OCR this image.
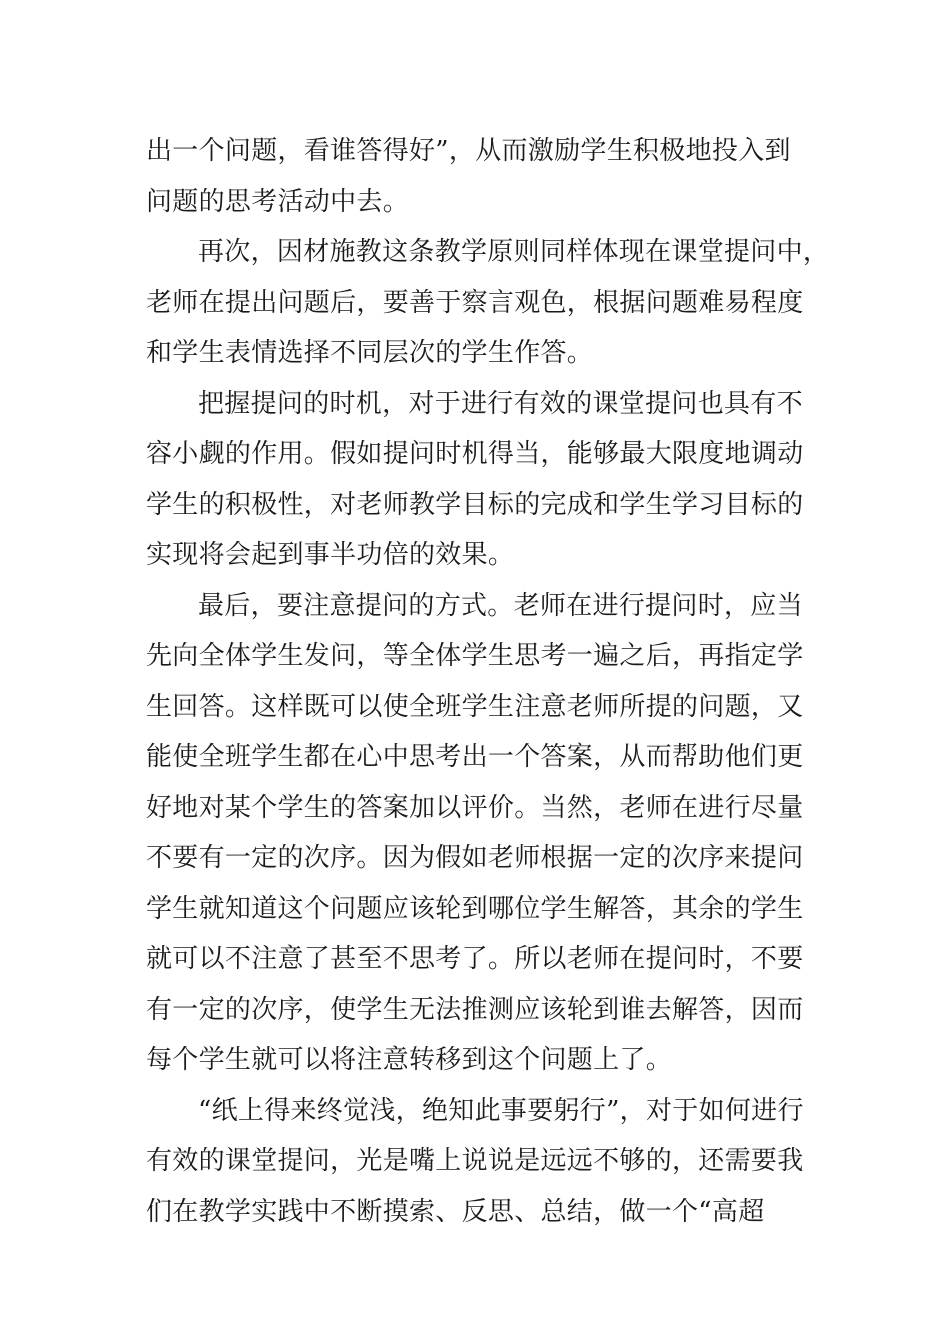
出一个问题，看谁答得好”，从而激励学生积极地投入到
问题的思考活动中去。
再次，因材施教这条教学原则同样体现在课堂提问中，
老师在提出问题后，要善于察言观色，根据问题难易程度
和学生表情选择不同层次的学生作答。
把握提问的时机，对于进行有效的课堂提问也具有不
容小觑的作用。假如提问时机得当，能够最大限度地调动
学生的积极性，对老师教学目标的完成和学生学习目标的
实现将会起到事半功倍的效果。
最后，要注意提问的方式。老师在进行提问时，应当
先向全体学生发问，等全体学生思考一遍之后，再指定学
生回答。这样既可以使全班学生注意老师所提的问题，又
能使全班学生都在心中思考出一个答案，从而帮助他们更
好地对某个学生的答案加以评价。当然，老师在进行尽量
不要有一定的次序。因为假如老师根据一定的次序来提问
学生就知道这个问题应该轮到哪位学生解答，其余的学生
就可以不注意了甚至不思考了。所以老师在提问时，不要
有一定的次序，使学生无法推测应该轮到谁去解答，因而
每个学生就可以将注意转移到这个问题上了。
“纸上得来终觉浅，绝知此事要躬行”，对于如何进行
有效的课堂提问，光是嘴上说说是远远不够的，还需要我
们在教学实践中不断摸索、反思、总结，做一个“高超
